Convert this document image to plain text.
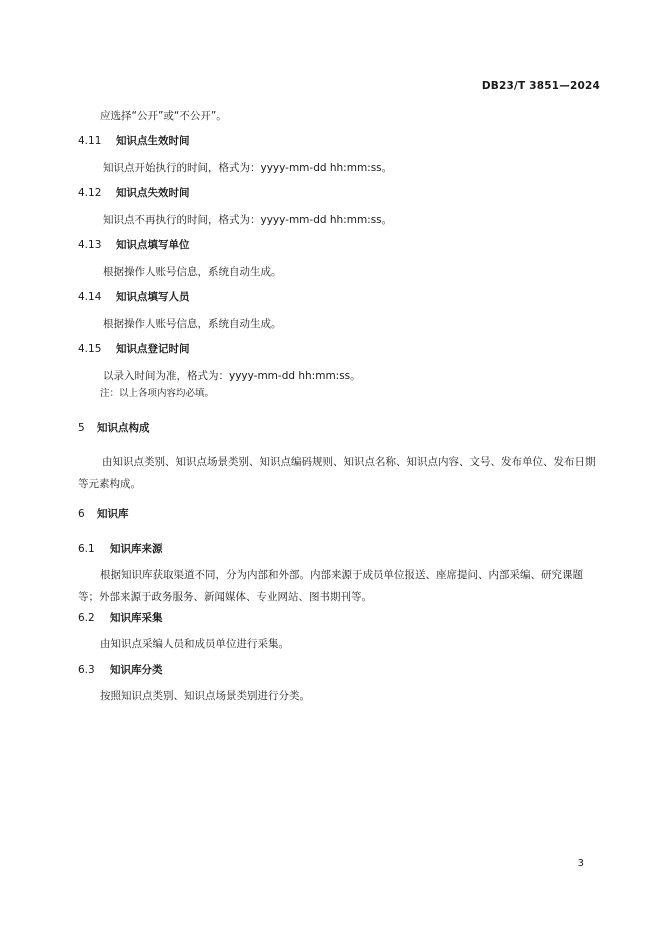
DB23/T 3851—2024
应选择“公开”或“不公开”。
4.11 知识点生效时间
知识点开始执行的时间，格式为：yyyy-mm-dd hh:mm:ss。
4.12 知识点失效时间
知识点不再执行的时间，格式为：yyyy-mm-dd hh:mm:ss。
4.13 知识点填写单位
根据操作人账号信息，系统自动生成。
4.14 知识点填写人员
根据操作人账号信息，系统自动生成。
4.15 知识点登记时间
以录入时间为准，格式为：yyyy-mm-dd hh:mm:ss。
注：以上各项内容均必填。
5 知识点构成
由知识点类别、知识点场景类别、知识点编码规则、知识点名称、知识点内容、文号、发布单位、发布日期等元素构成。
6 知识库
6.1 知识库来源
根据知识库获取渠道不同，分为内部和外部。内部来源于成员单位报送、座席提问、内部采编、研究课题等；外部来源于政务服务、新闻媒体、专业网站、图书期刊等。
6.2 知识库采集
由知识点采编人员和成员单位进行采集。
6.3 知识库分类
按照知识点类别、知识点场景类别进行分类。
3
